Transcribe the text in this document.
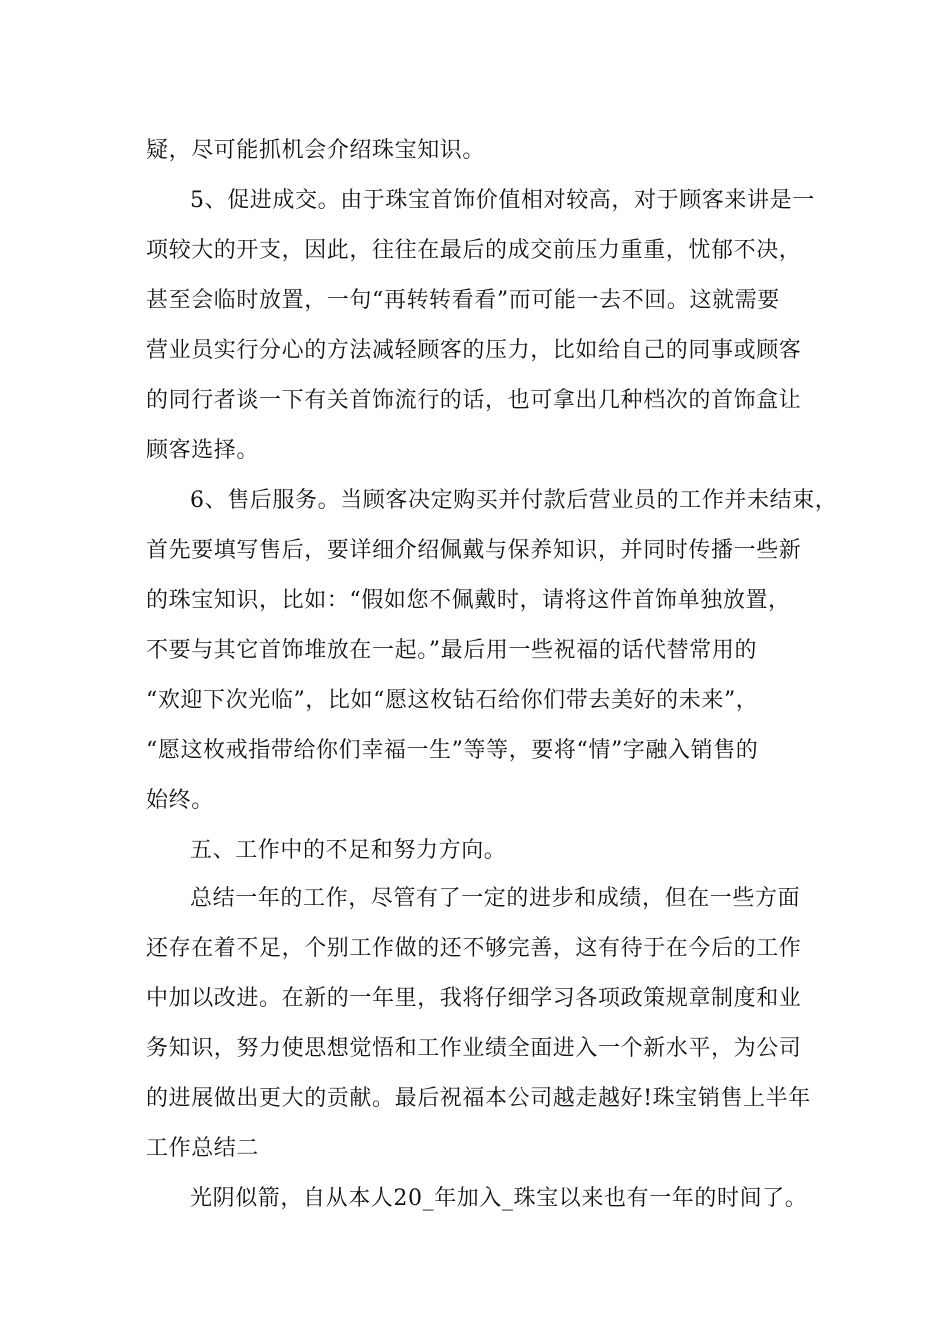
疑，尽可能抓机会介绍珠宝知识。
5、促进成交。由于珠宝首饰价值相对较高，对于顾客来讲是一
项较大的开支，因此，往往在最后的成交前压力重重，忧郁不决，
甚至会临时放置，一句“再转转看看”而可能一去不回。这就需要
营业员实行分心的方法减轻顾客的压力，比如给自己的同事或顾客
的同行者谈一下有关首饰流行的话，也可拿出几种档次的首饰盒让
顾客选择。
6、售后服务。当顾客决定购买并付款后营业员的工作并未结束，
首先要填写售后，要详细介绍佩戴与保养知识，并同时传播一些新
的珠宝知识，比如：“假如您不佩戴时，请将这件首饰单独放置，
不要与其它首饰堆放在一起。”最后用一些祝福的话代替常用的
“欢迎下次光临”，比如“愿这枚钻石给你们带去美好的未来”，
“愿这枚戒指带给你们幸福一生”等等，要将“情”字融入销售的
始终。
五、工作中的不足和努力方向。
总结一年的工作，尽管有了一定的进步和成绩，但在一些方面
还存在着不足，个别工作做的还不够完善，这有待于在今后的工作
中加以改进。在新的一年里，我将仔细学习各项政策规章制度和业
务知识，努力使思想觉悟和工作业绩全面进入一个新水平，为公司
的进展做出更大的贡献。最后祝福本公司越走越好!珠宝销售上半年
工作总结二
光阴似箭，自从本人20_年加入_珠宝以来也有一年的时间了。
